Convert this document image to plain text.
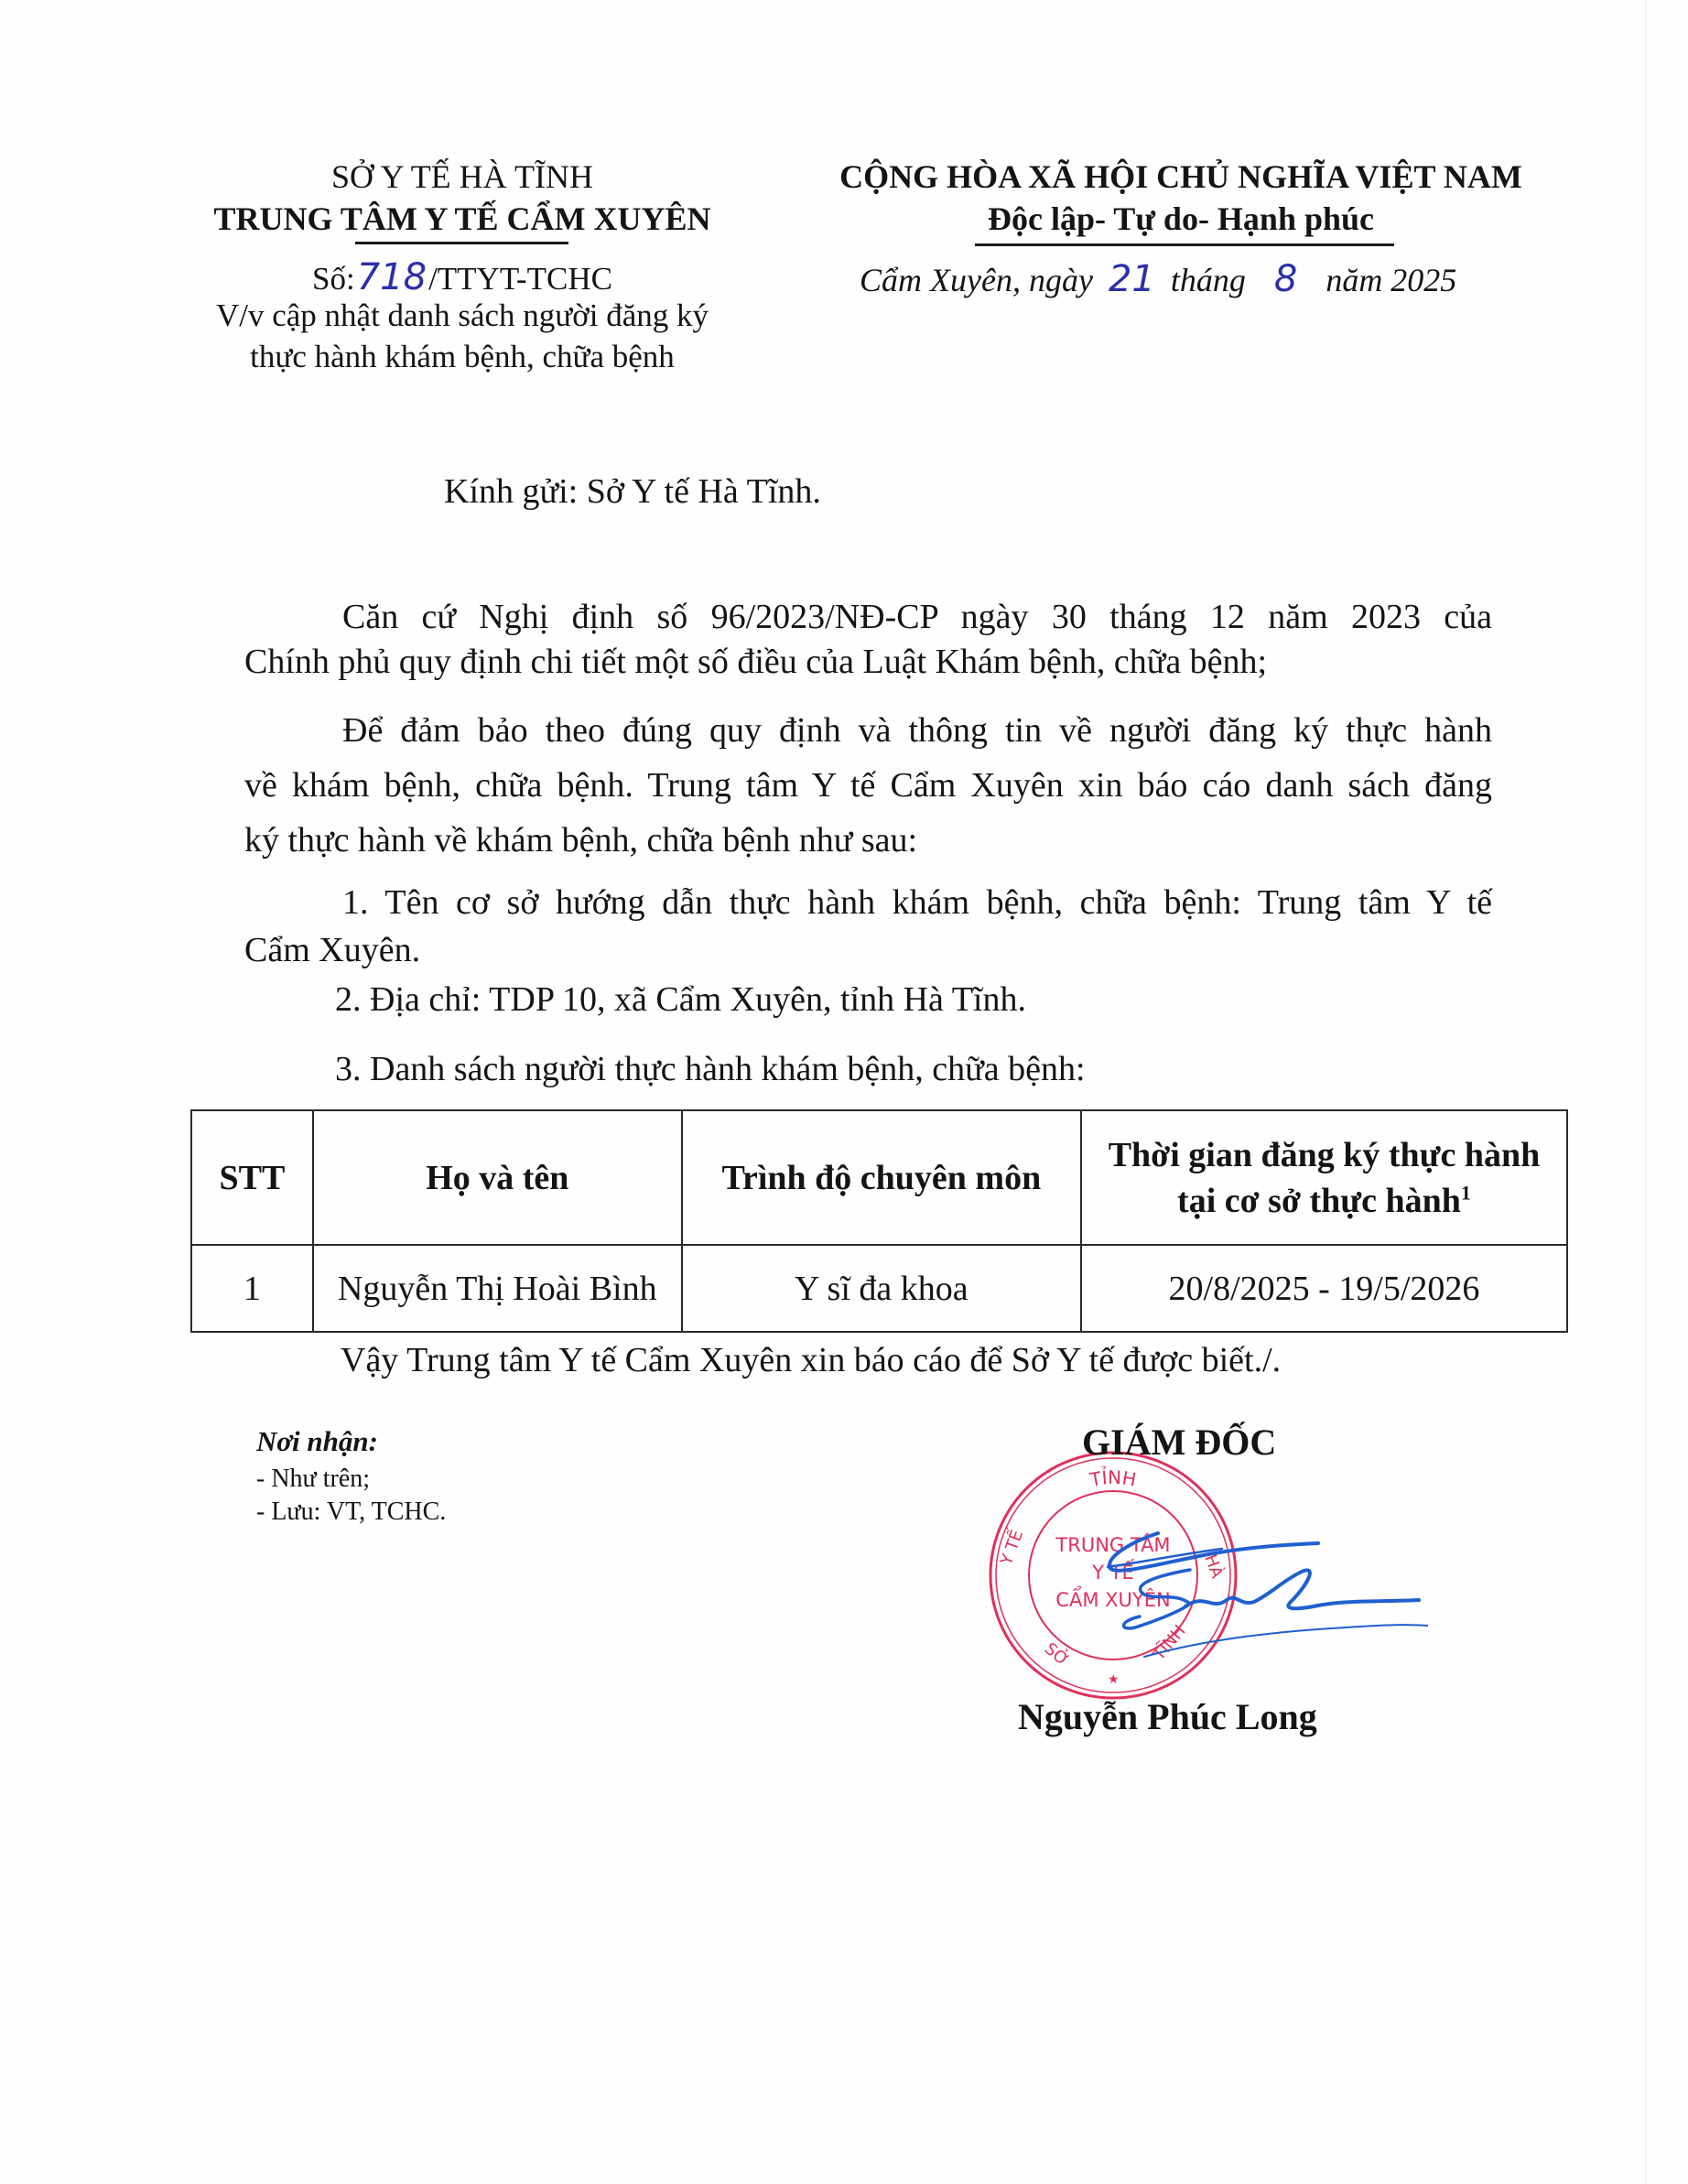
SỞ Y TẾ HÀ TĨNH
TRUNG TÂM Y TẾ CẨM XUYÊN
Số:718/TTYT-TCHC
V/v cập nhật danh sách người đăng ký
thực hành khám bệnh, chữa bệnh
CỘNG HÒA XÃ HỘI CHỦ NGHĨA VIỆT NAM
Độc lập- Tự do- Hạnh phúc
Cẩm Xuyên, ngày 21 tháng 8 năm 2025
Kính gửi: Sở Y tế Hà Tĩnh.
Căn cứ Nghị định số 96/2023/NĐ-CP ngày 30 tháng 12 năm 2023 của
Chính phủ quy định chi tiết một số điều của Luật Khám bệnh, chữa bệnh;
Để đảm bảo theo đúng quy định và thông tin về người đăng ký thực hành
về khám bệnh, chữa bệnh. Trung tâm Y tế Cẩm Xuyên xin báo cáo danh sách đăng
ký thực hành về khám bệnh, chữa bệnh như sau:
1. Tên cơ sở hướng dẫn thực hành khám bệnh, chữa bệnh: Trung tâm Y tế
Cẩm Xuyên.
2. Địa chỉ: TDP 10, xã Cẩm Xuyên, tỉnh Hà Tĩnh.
3. Danh sách người thực hành khám bệnh, chữa bệnh:
STT	Họ và tên	Trình độ chuyên môn	Thời gian đăng ký thực hành
tại cơ sở thực hành$^1$
1	Nguyễn Thị Hoài Bình	Y sĩ đa khoa	20/8/2025 - 19/5/2026
Vậy Trung tâm Y tế Cẩm Xuyên xin báo cáo để Sở Y tế được biết./.
Nơi nhận:
- Như trên;
- Lưu: VT, TCHC.
GIÁM ĐỐC
TỈNH
Y TẾ	HÀ
SỞ	TĨNH
TRUNG TÂM
Y TẾ
CẨM XUYÊN
★
Nguyễn Phúc Long
